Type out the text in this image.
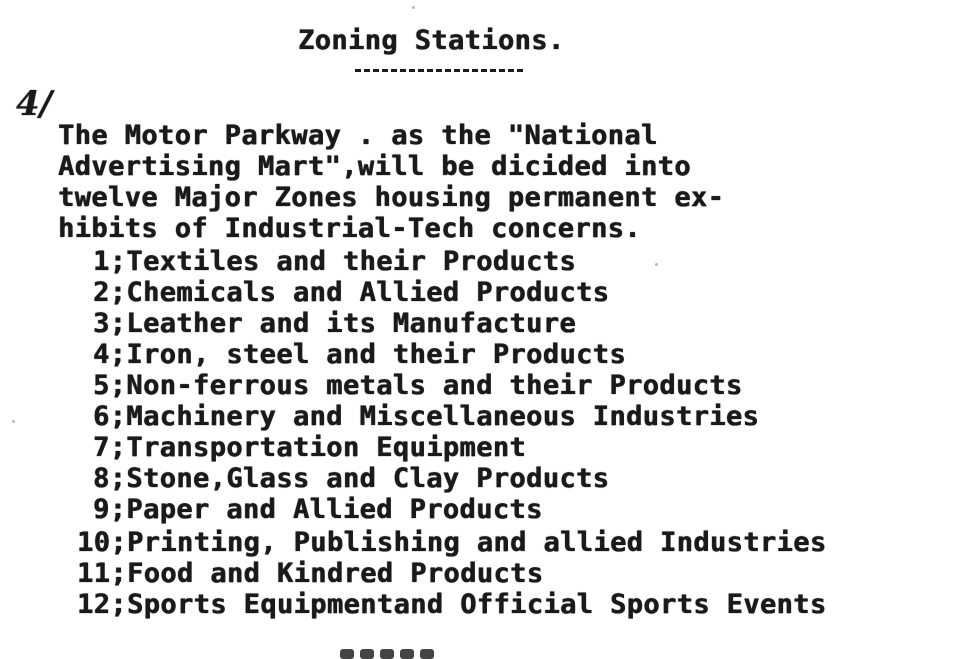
Zoning Stations.
4/
The Motor Parkway . as the "National
Advertising Mart",will be dicided into
twelve Major Zones housing permanent ex-
hibits of Industrial-Tech concerns.
1;Textiles and their Products
2;Chemicals and Allied Products
3;Leather and its Manufacture
4;Iron, steel and their Products
5;Non-ferrous metals and their Products
6;Machinery and Miscellaneous Industries
7;Transportation Equipment
8;Stone,Glass and Clay Products
9;Paper and Allied Products
10;Printing, Publishing and allied Industries
11;Food and Kindred Products
12;Sports Equipmentand Official Sports Events
